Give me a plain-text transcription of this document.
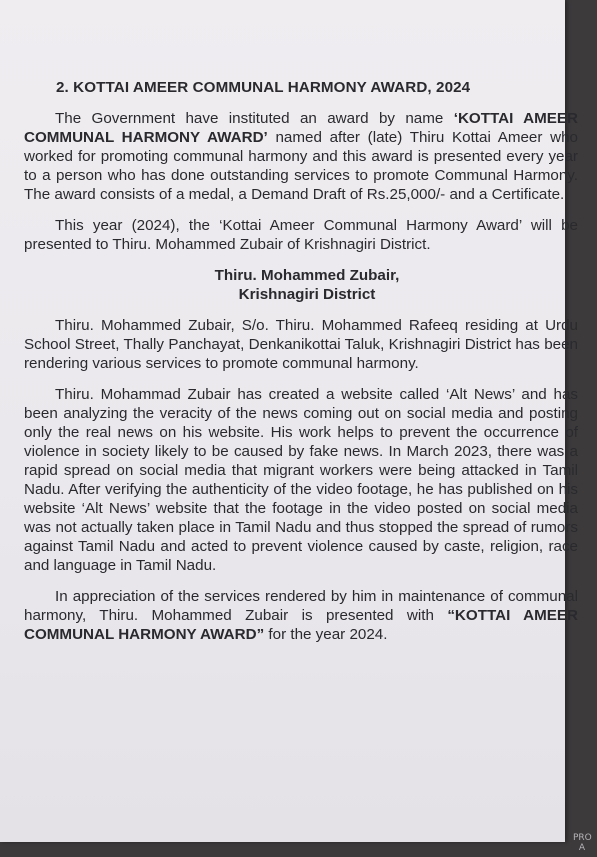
2. KOTTAI AMEER COMMUNAL HARMONY AWARD, 2024

The Government have instituted an award by name ‘KOTTAI AMEER COMMUNAL HARMONY AWARD’ named after (late) Thiru Kottai Ameer who worked for promoting communal harmony and this award is presented every year to a person who has done outstanding services to promote Communal Harmony. The award consists of a medal, a Demand Draft of Rs.25,000/- and a Certificate.

This year (2024), the ‘Kottai Ameer Communal Harmony Award’ will be presented to Thiru. Mohammed Zubair of Krishnagiri District.

Thiru. Mohammed Zubair,

Krishnagiri District

Thiru. Mohammed Zubair, S/o. Thiru. Mohammed Rafeeq residing at Urdu School Street, Thally Panchayat, Denkanikottai Taluk, Krishnagiri District has been rendering various services to promote communal harmony.

Thiru. Mohammad Zubair has created a website called ‘Alt News’ and has been analyzing the veracity of the news coming out on social media and posting only the real news on his website. His work helps to prevent the occurrence of violence in society likely to be caused by fake news. In March 2023, there was a rapid spread on social media that migrant workers were being attacked in Tamil Nadu. After verifying the authenticity of the video footage, he has published on his website ‘Alt News’ website that the footage in the video posted on social media was not actually taken place in Tamil Nadu and thus stopped the spread of rumors against Tamil Nadu and acted to prevent violence caused by caste, religion, race and language in Tamil Nadu.

In appreciation of the services rendered by him in maintenance of communal harmony, Thiru. Mohammed Zubair is presented with “KOTTAI AMEER COMMUNAL HARMONY AWARD” for the year 2024.

PRO A
